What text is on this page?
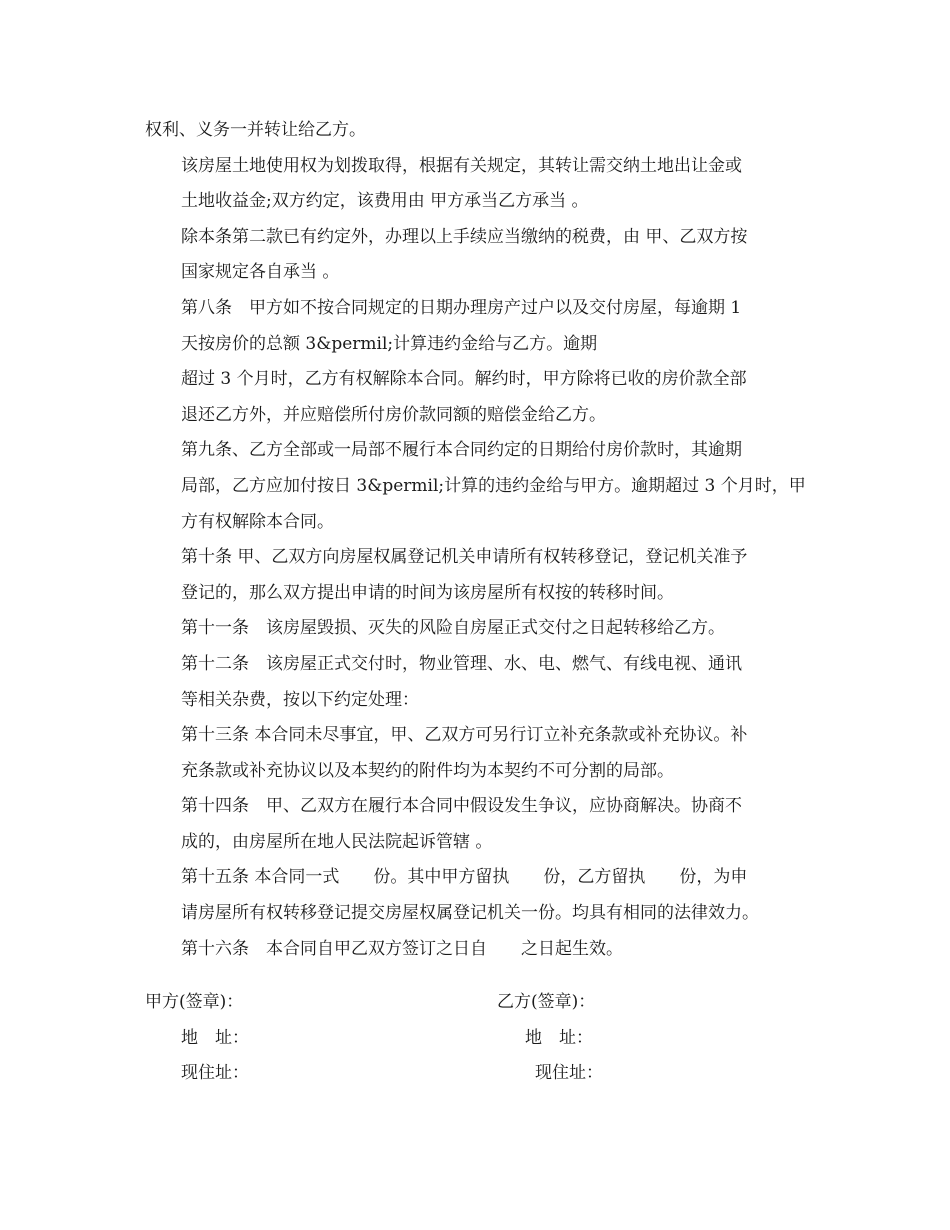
权利、义务一并转让给乙方。

该房屋土地使用权为划拨取得，根据有关规定，其转让需交纳土地出让金或
土地收益金;双方约定，该费用由 甲方承当乙方承当 。

除本条第二款已有约定外，办理以上手续应当缴纳的税费，由 甲、乙双方按
国家规定各自承当 。

第八条　甲方如不按合同规定的日期办理房产过户以及交付房屋，每逾期 1
天按房价的总额 3&permil;计算违约金给与乙方。逾期

超过 3 个月时，乙方有权解除本合同。解约时，甲方除将已收的房价款全部
退还乙方外，并应赔偿所付房价款同额的赔偿金给乙方。

第九条、乙方全部或一局部不履行本合同约定的日期给付房价款时，其逾期
局部，乙方应加付按日 3&permil;计算的违约金给与甲方。逾期超过 3 个月时，甲
方有权解除本合同。

第十条 甲、乙双方向房屋权属登记机关申请所有权转移登记，登记机关准予
登记的，那么双方提出申请的时间为该房屋所有权按的转移时间。

第十一条　该房屋毁损、灭失的风险自房屋正式交付之日起转移给乙方。

第十二条　该房屋正式交付时，物业管理、水、电、燃气、有线电视、通讯
等相关杂费，按以下约定处理：

第十三条 本合同未尽事宜，甲、乙双方可另行订立补充条款或补充协议。补
充条款或补充协议以及本契约的附件均为本契约不可分割的局部。

第十四条　甲、乙双方在履行本合同中假设发生争议，应协商解决。协商不
成的，由房屋所在地人民法院起诉管辖 。

第十五条 本合同一式　　份。其中甲方留执　　份，乙方留执　　份，为申
请房屋所有权转移登记提交房屋权属登记机关一份。均具有相同的法律效力。

第十六条　本合同自甲乙双方签订之日自　　之日起生效。

甲方(签章)：	乙方(签章)：
地　址：	地　址：
现住址：	现住址：
